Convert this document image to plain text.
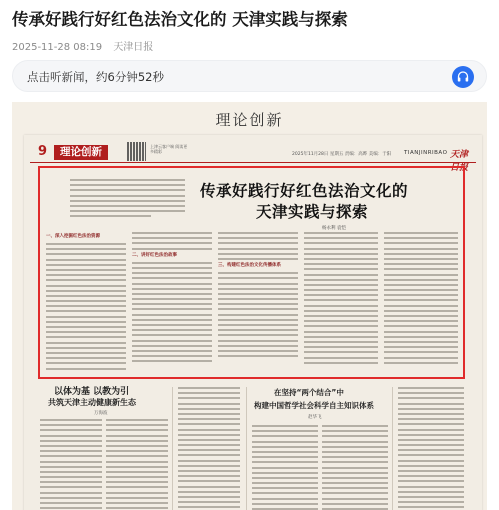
传承好践行好红色法治文化的 天津实践与探索
2025-11-28 08:19 天津日报
点击听新闻，约6分钟52秒
理论创新
9	理论创新	上津云客户端 阅读更多精彩
2025年11月28日 星期五 责编：高晔 美编：于阳 TIANJINRIBAO 天津日报
传承好践行好红色法治文化的
天津实践与探索
杨永利 袁恺
一、深入挖掘红色法治资源
二、讲好红色法治故事
三、构建红色法治文化传播体系
以体为基 以教为引
共筑天津主动健康新生态
万海波
在坚持“两个结合”中
构建中国哲学社会科学自主知识体系
赵华飞
